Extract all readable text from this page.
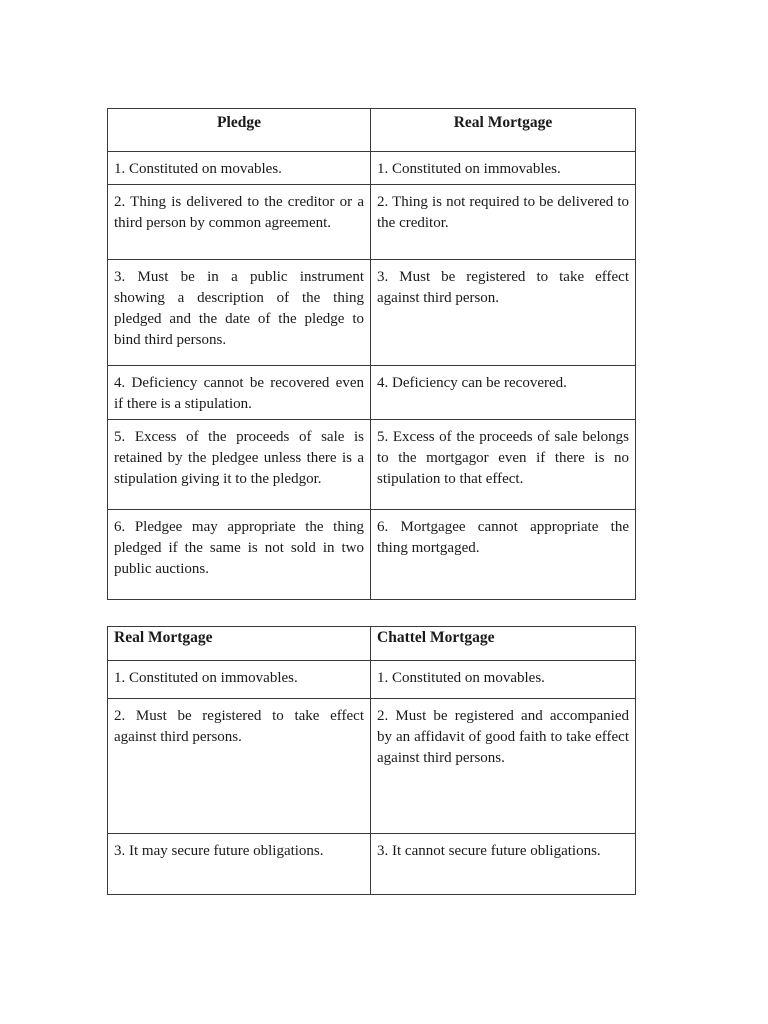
Pledge	Real Mortgage
1. Constituted on movables.	1. Constituted on immovables.
2. Thing is delivered to the creditor or a third person by common agreement.	2. Thing is not required to be delivered to the creditor.
3. Must be in a public instrument showing a description of the thing pledged and the date of the pledge to bind third persons.	3. Must be registered to take effect against third person.
4. Deficiency cannot be recovered even if there is a stipulation.	4. Deficiency can be recovered.
5. Excess of the proceeds of sale is retained by the pledgee unless there is a stipulation giving it to the pledgor.	5. Excess of the proceeds of sale belongs to the mortgagor even if there is no stipulation to that effect.
6. Pledgee may appropriate the thing pledged if the same is not sold in two public auctions.	6. Mortgagee cannot appropriate the thing mortgaged.
Real Mortgage	Chattel Mortgage
1. Constituted on immovables.	1. Constituted on movables.
2. Must be registered to take effect against third persons.	2. Must be registered and accompanied by an affidavit of good faith to take effect against third persons.
3. It may secure future obligations.	3. It cannot secure future obligations.
